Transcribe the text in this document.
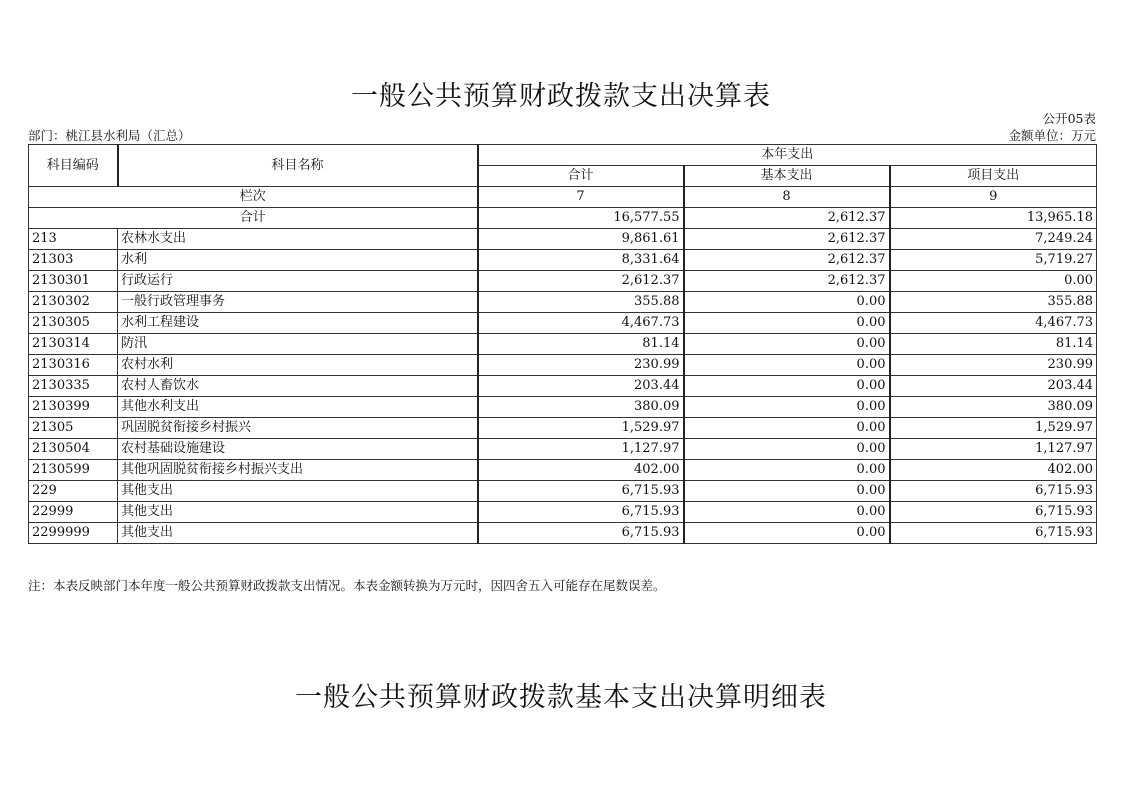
一般公共预算财政拨款支出决算表
公开05表
部门：桃江县水利局（汇总）	金额单位：万元
科目编码	科目名称	本年支出		
		合计	基本支出	项目支出
栏次		7	8	9
合计		16,577.55	2,612.37	13,965.18
213	农林水支出	9,861.61	2,612.37	7,249.24
21303	水利	8,331.64	2,612.37	5,719.27
2130301	行政运行	2,612.37	2,612.37	0.00
2130302	一般行政管理事务	355.88	0.00	355.88
2130305	水利工程建设	4,467.73	0.00	4,467.73
2130314	防汛	81.14	0.00	81.14
2130316	农村水利	230.99	0.00	230.99
2130335	农村人畜饮水	203.44	0.00	203.44
2130399	其他水利支出	380.09	0.00	380.09
21305	巩固脱贫衔接乡村振兴	1,529.97	0.00	1,529.97
2130504	农村基础设施建设	1,127.97	0.00	1,127.97
2130599	其他巩固脱贫衔接乡村振兴支出	402.00	0.00	402.00
229	其他支出	6,715.93	0.00	6,715.93
22999	其他支出	6,715.93	0.00	6,715.93
2299999	其他支出	6,715.93	0.00	6,715.93
注：本表反映部门本年度一般公共预算财政拨款支出情况。本表金额转换为万元时，因四舍五入可能存在尾数误差。
一般公共预算财政拨款基本支出决算明细表
